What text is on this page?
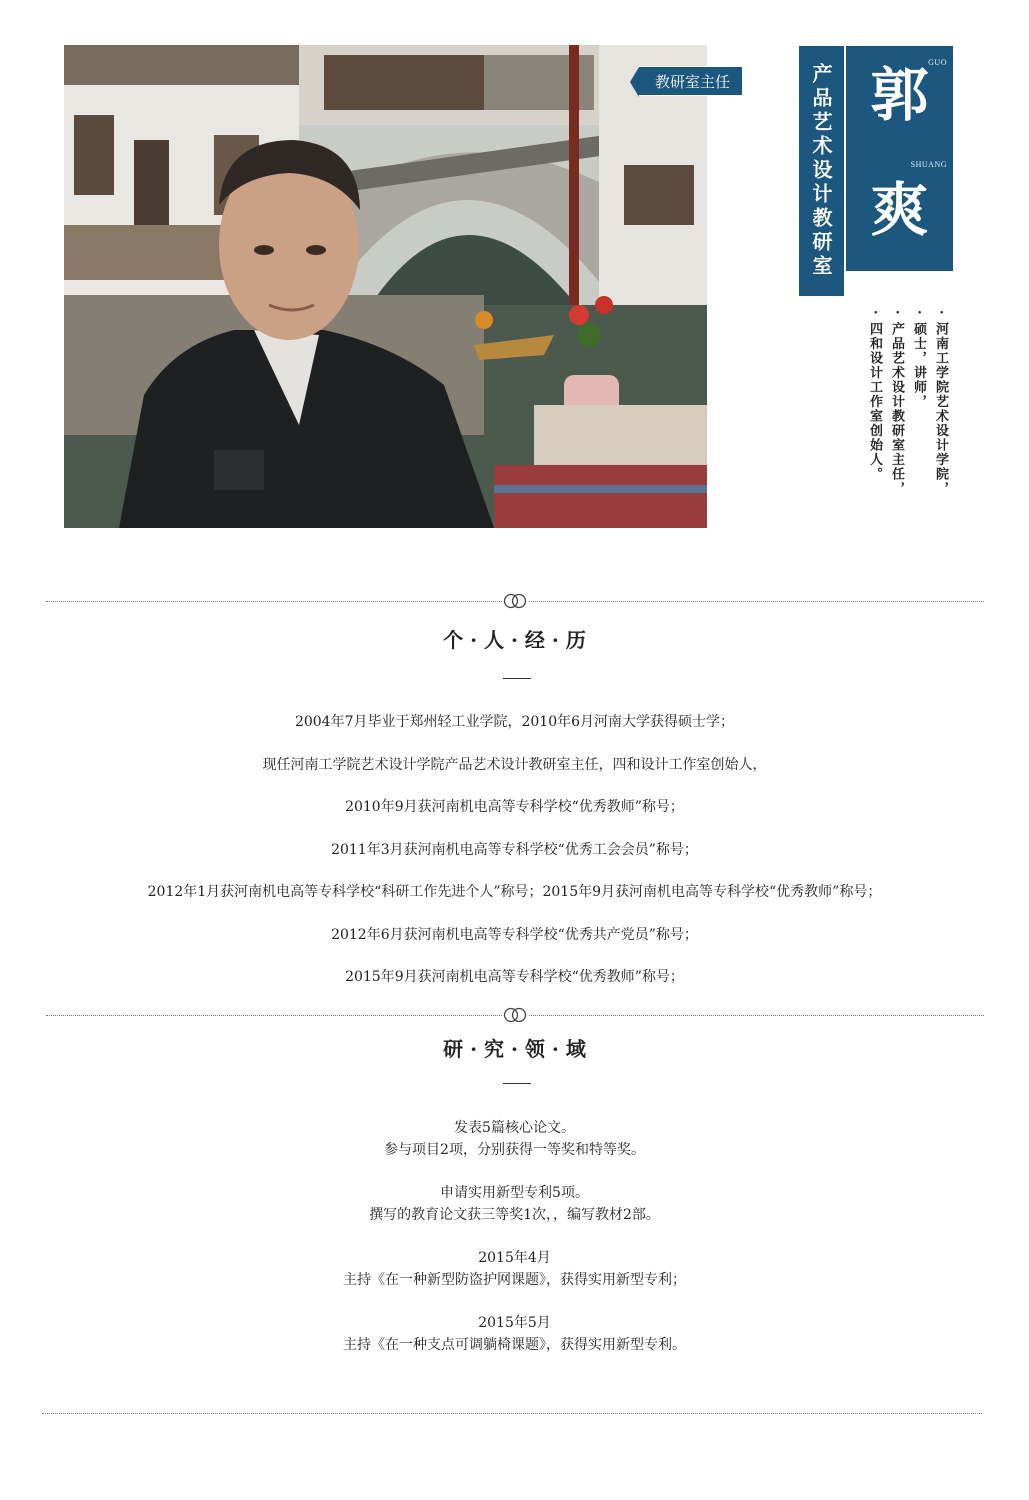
教研室主任	产品艺术设计教研室
GUO
郭
SHUANG
爽
· 河南工学院艺术设计学院，
· 硕士，讲师，
· 产品艺术设计教研室主任，
· 四和设计工作室创始人。
个 · 人 · 经 · 历
2004年7月毕业于郑州轻工业学院，2010年6月河南大学获得硕士学；
现任河南工学院艺术设计学院产品艺术设计教研室主任，四和设计工作室创始人，
2010年9月获河南机电高等专科学校“优秀教师”称号；
2011年3月获河南机电高等专科学校“优秀工会会员”称号；
2012年1月获河南机电高等专科学校“科研工作先进个人”称号；2015年9月获河南机电高等专科学校“优秀教师”称号；
2012年6月获河南机电高等专科学校“优秀共产党员”称号；
2015年9月获河南机电高等专科学校“优秀教师”称号；
研 · 究 · 领 · 域
发表5篇核心论文。
参与项目2项，分别获得一等奖和特等奖。
申请实用新型专利5项。
撰写的教育论文获三等奖1次，，编写教材2部。
2015年4月
主持《在一种新型防盗护网课题》，获得实用新型专利；
2015年5月
主持《在一种支点可调躺椅课题》，获得实用新型专利。
